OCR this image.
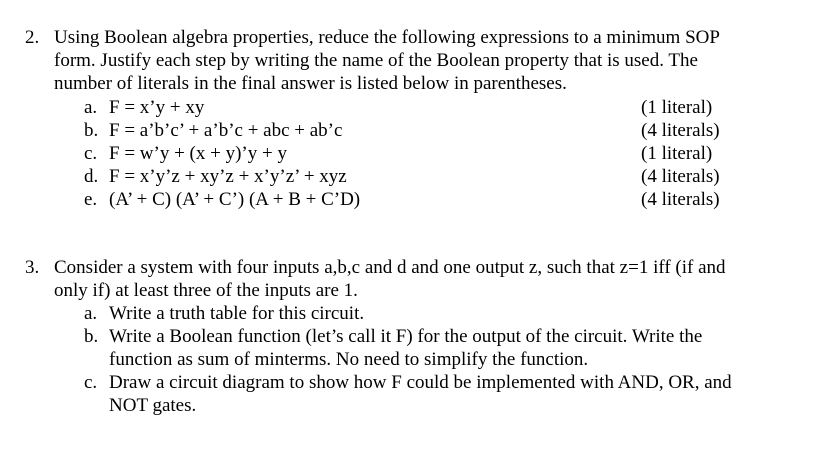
2. Using Boolean algebra properties, reduce the following expressions to a minimum SOP
form. Justify each step by writing the name of the Boolean property that is used. The
number of literals in the final answer is listed below in parentheses.
a. F = x’y + xy	(1 literal)
b. F = a’b’c’ + a’b’c + abc + ab’c	(4 literals)
c. F = w’y + (x + y)’y + y	(1 literal)
d. F = x’y’z + xy’z + x’y’z’ + xyz	(4 literals)
e. (A’ + C) (A’ + C’) (A + B + C’D)	(4 literals)
3. Consider a system with four inputs a,b,c and d and one output z, such that z=1 iff (if and
only if) at least three of the inputs are 1.
a. Write a truth table for this circuit.
b. Write a Boolean function (let’s call it F) for the output of the circuit. Write the
function as sum of minterms. No need to simplify the function.
c. Draw a circuit diagram to show how F could be implemented with AND, OR, and
NOT gates.
